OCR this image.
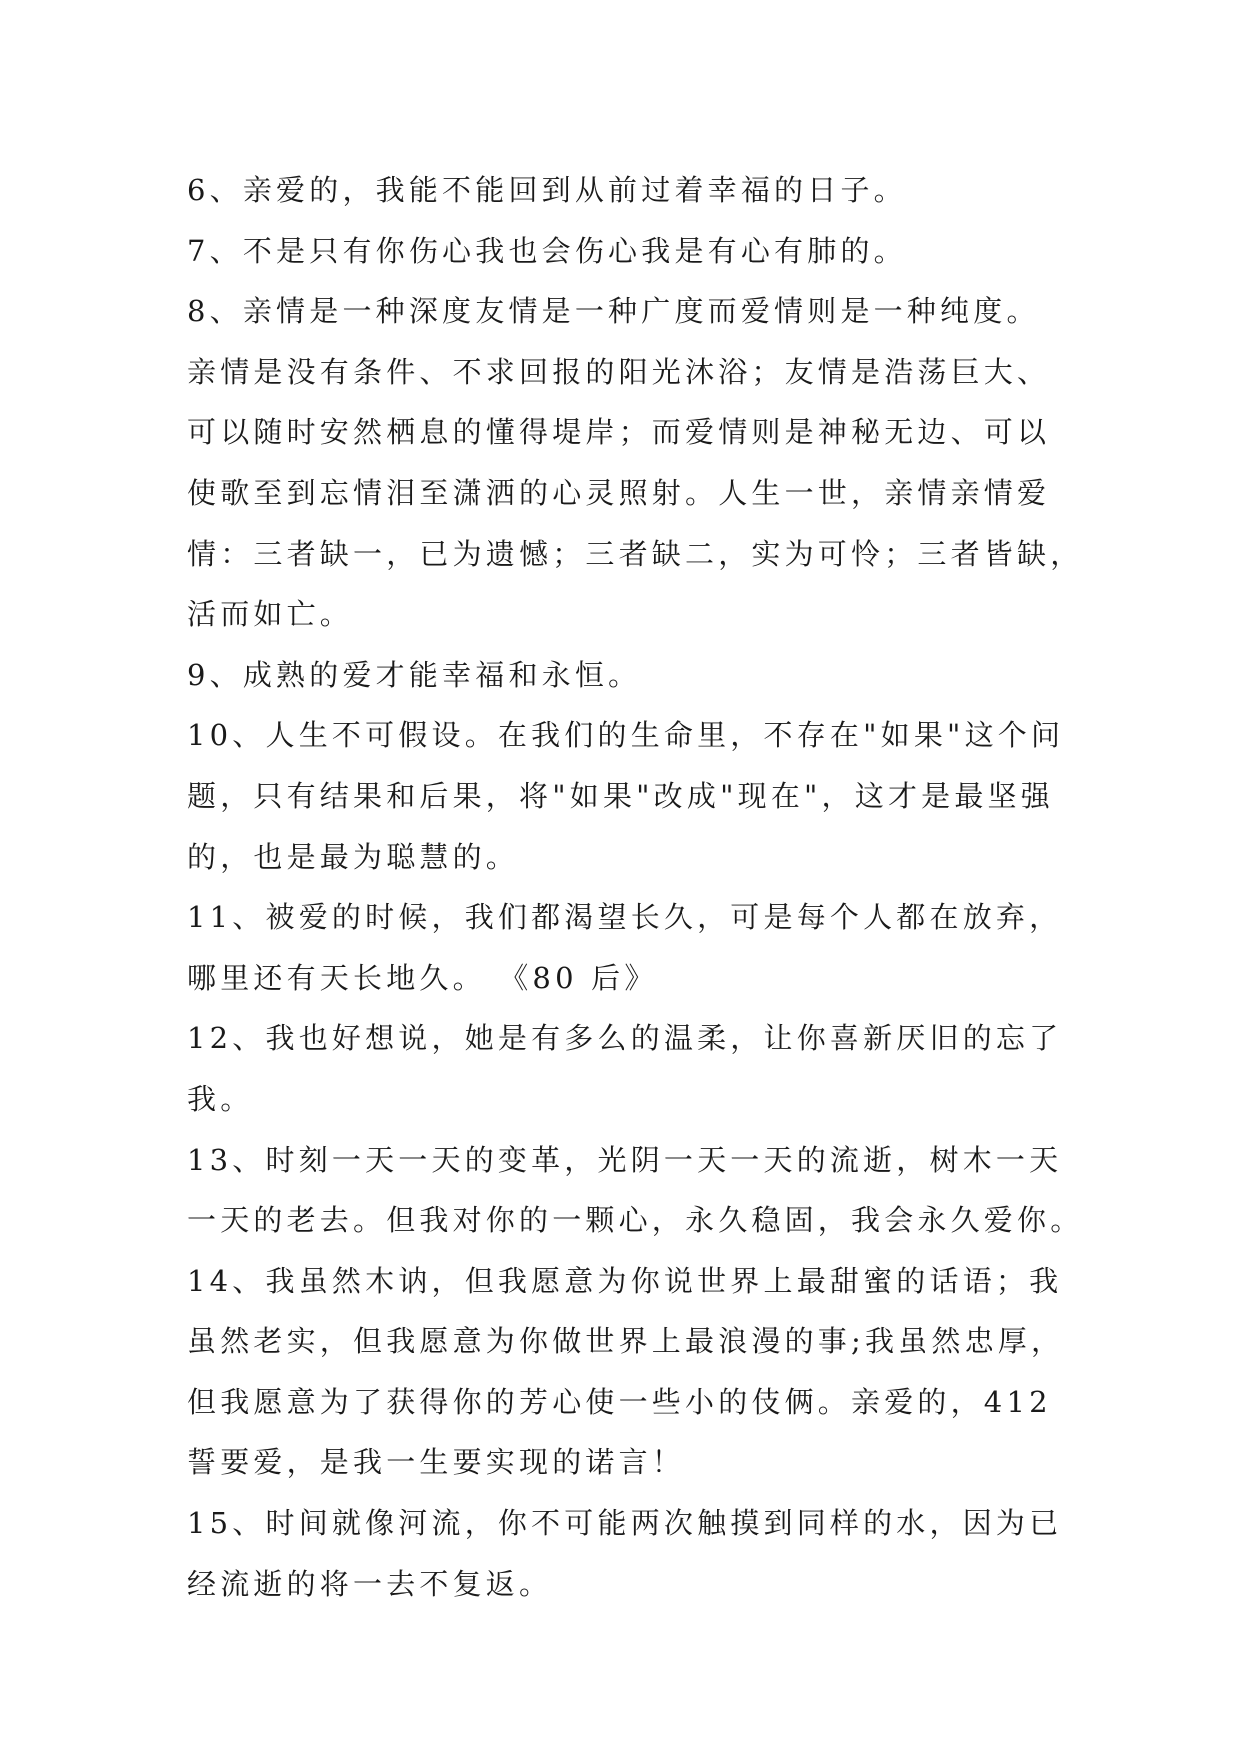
6、亲爱的，我能不能回到从前过着幸福的日子。
7、不是只有你伤心我也会伤心我是有心有肺的。
8、亲情是一种深度友情是一种广度而爱情则是一种纯度。
亲情是没有条件、不求回报的阳光沐浴；友情是浩荡巨大、
可以随时安然栖息的懂得堤岸；而爱情则是神秘无边、可以
使歌至到忘情泪至潇洒的心灵照射。人生一世，亲情亲情爱
情：三者缺一，已为遗憾；三者缺二，实为可怜；三者皆缺，
活而如亡。
9、成熟的爱才能幸福和永恒。
10、人生不可假设。在我们的生命里，不存在"如果"这个问
题，只有结果和后果，将"如果"改成"现在"，这才是最坚强
的，也是最为聪慧的。
11、被爱的时候，我们都渴望长久，可是每个人都在放弃，
哪里还有天长地久。 《80 后》
12、我也好想说，她是有多么的温柔，让你喜新厌旧的忘了
我。
13、时刻一天一天的变革，光阴一天一天的流逝，树木一天
一天的老去。但我对你的一颗心，永久稳固，我会永久爱你。
14、我虽然木讷，但我愿意为你说世界上最甜蜜的话语；我
虽然老实，但我愿意为你做世界上最浪漫的事;我虽然忠厚，
但我愿意为了获得你的芳心使一些小的伎俩。亲爱的，412
誓要爱，是我一生要实现的诺言！
15、时间就像河流，你不可能两次触摸到同样的水，因为已
经流逝的将一去不复返。
